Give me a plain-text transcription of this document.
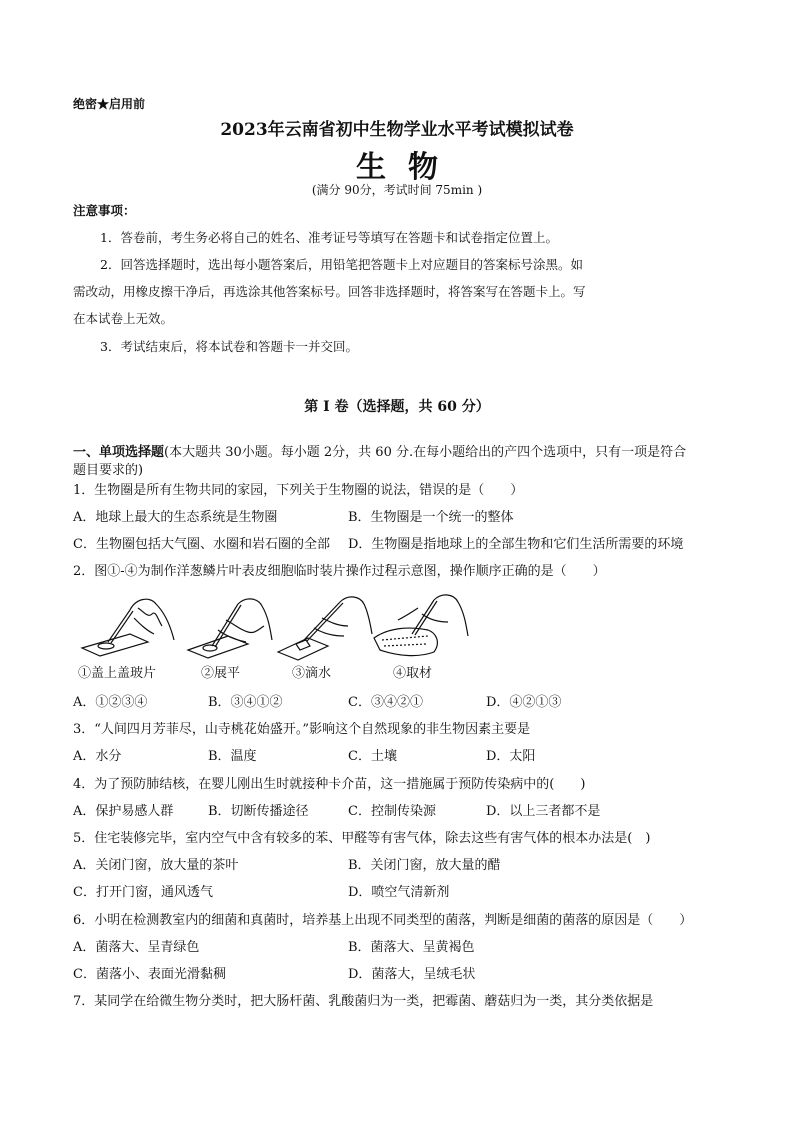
绝密★启用前
2023年云南省初中生物学业水平考试模拟试卷
生物
(满分 90分，考试时间 75min )
注意事项：
1．答卷前，考生务必将自己的姓名、准考证号等填写在答题卡和试卷指定位置上。
2．回答选择题时，选出每小题答案后，用铅笔把答题卡上对应题目的答案标号涂黑。如
需改动，用橡皮擦干净后，再选涂其他答案标号。回答非选择题时，将答案写在答题卡上。写
在本试卷上无效。
3．考试结束后，将本试卷和答题卡一并交回。
第 I 卷（选择题，共 60 分）
一、单项选择题(本大题共 30小题。每小题 2分，共 60 分.在每小题给出的产四个选项中，只有一项是符合
题目要求的)
1．生物圈是所有生物共同的家园，下列关于生物圈的说法，错误的是（　　）
A．地球上最大的生态系统是生物圈	B．生物圈是一个统一的整体
C．生物圈包括大气圈、水圈和岩石圈的全部 D．生物圈是指地球上的全部生物和它们生活所需要的环境
2．图①-④为制作洋葱鳞片叶表皮细胞临时装片操作过程示意图，操作顺序正确的是（　　）
①盖上盖玻片	②展平	③滴水	④取材
A．①②③④	B．③④①②	C．③④②①	D．④②①③
3．“人间四月芳菲尽，山寺桃花始盛开。”影响这个自然现象的非生物因素主要是
A．水分	B．温度	C．土壤	D．太阳
4．为了预防肺结核，在婴儿刚出生时就接种卡介苗，这一措施属于预防传染病中的(　　)
A．保护易感人群	B．切断传播途径	C．控制传染源	D．以上三者都不是
5．住宅装修完毕，室内空气中含有较多的苯、甲醛等有害气体，除去这些有害气体的根本办法是(　)
A．关闭门窗，放大量的茶叶	B．关闭门窗，放大量的醋
C．打开门窗，通风透气	D．喷空气清新剂
6．小明在检测教室内的细菌和真菌时，培养基上出现不同类型的菌落，判断是细菌的菌落的原因是（　　）
A．菌落大、呈青绿色	B．菌落大、呈黄褐色
C．菌落小、表面光滑黏稠	D．菌落大，呈绒毛状
7．某同学在给微生物分类时，把大肠杆菌、乳酸菌归为一类，把霉菌、蘑菇归为一类，其分类依据是
